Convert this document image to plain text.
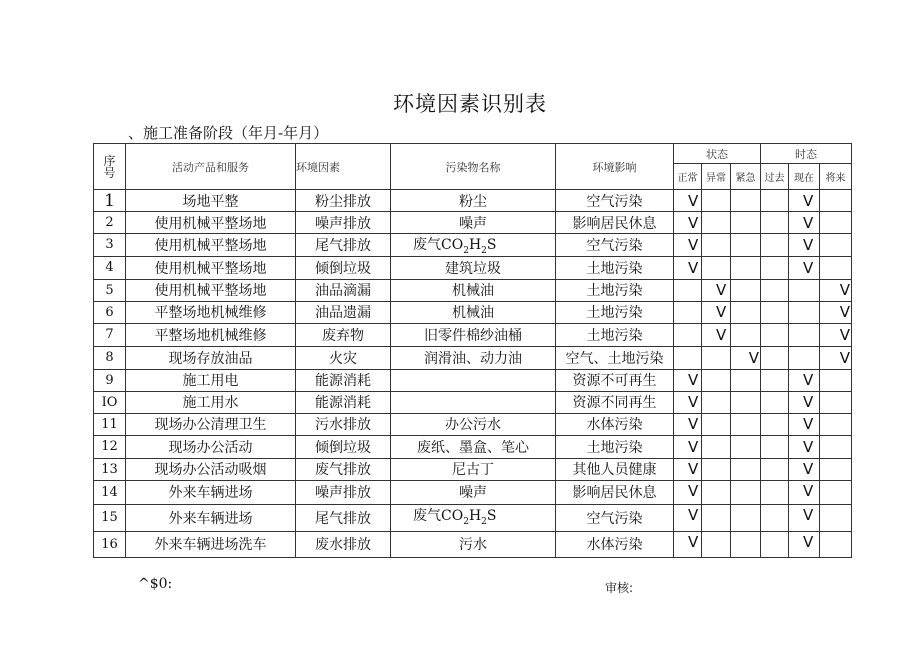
环境因素识别表
、施工准备阶段（年月-年月）
序号	活动产品和服务	环境因素	污染物名称	环境影响	状态			时态		
					正常	异常	紧急	过去	现在	将来
1	场地平整	粉尘排放	粉尘	空气污染	V				V	
2	使用机械平整场地	噪声排放	噪声	影响居民休息	V				V	
3	使用机械平整场地	尾气排放	废气$CO_2H_2S$	空气污染	V				V	
4	使用机械平整场地	倾倒垃圾	建筑垃圾	土地污染	V				V	
5	使用机械平整场地	油品滴漏	机械油	土地污染		V				V
6	平整场地机械维修	油品遗漏	机械油	土地污染		V				V
7	平整场地机械维修	废弃物	旧零件棉纱油桶	土地污染		V				V
8	现场存放油品	火灾	润滑油、动力油	空气、土地污染			V			V
9	施工用电	能源消耗		资源不可再生	V				V	
IO	施工用水	能源消耗		资源不同再生	V				V	
11	现场办公清理卫生	污水排放	办公污水	水体污染	V				V	
12	现场办公活动	倾倒垃圾	废纸、墨盒、笔心	土地污染	V				V	
13	现场办公活动吸烟	废气排放	尼古丁	其他人员健康	V				V	
14	外来车辆进场	噪声排放	噪声	影响居民休息	V				V	
15	外来车辆进场	尾气排放	废气$CO_2H_2S$	空气污染	V				V	
16	外来车辆进场洗车	废水排放	污水	水体污染	V				V	
^$0:	审核:
